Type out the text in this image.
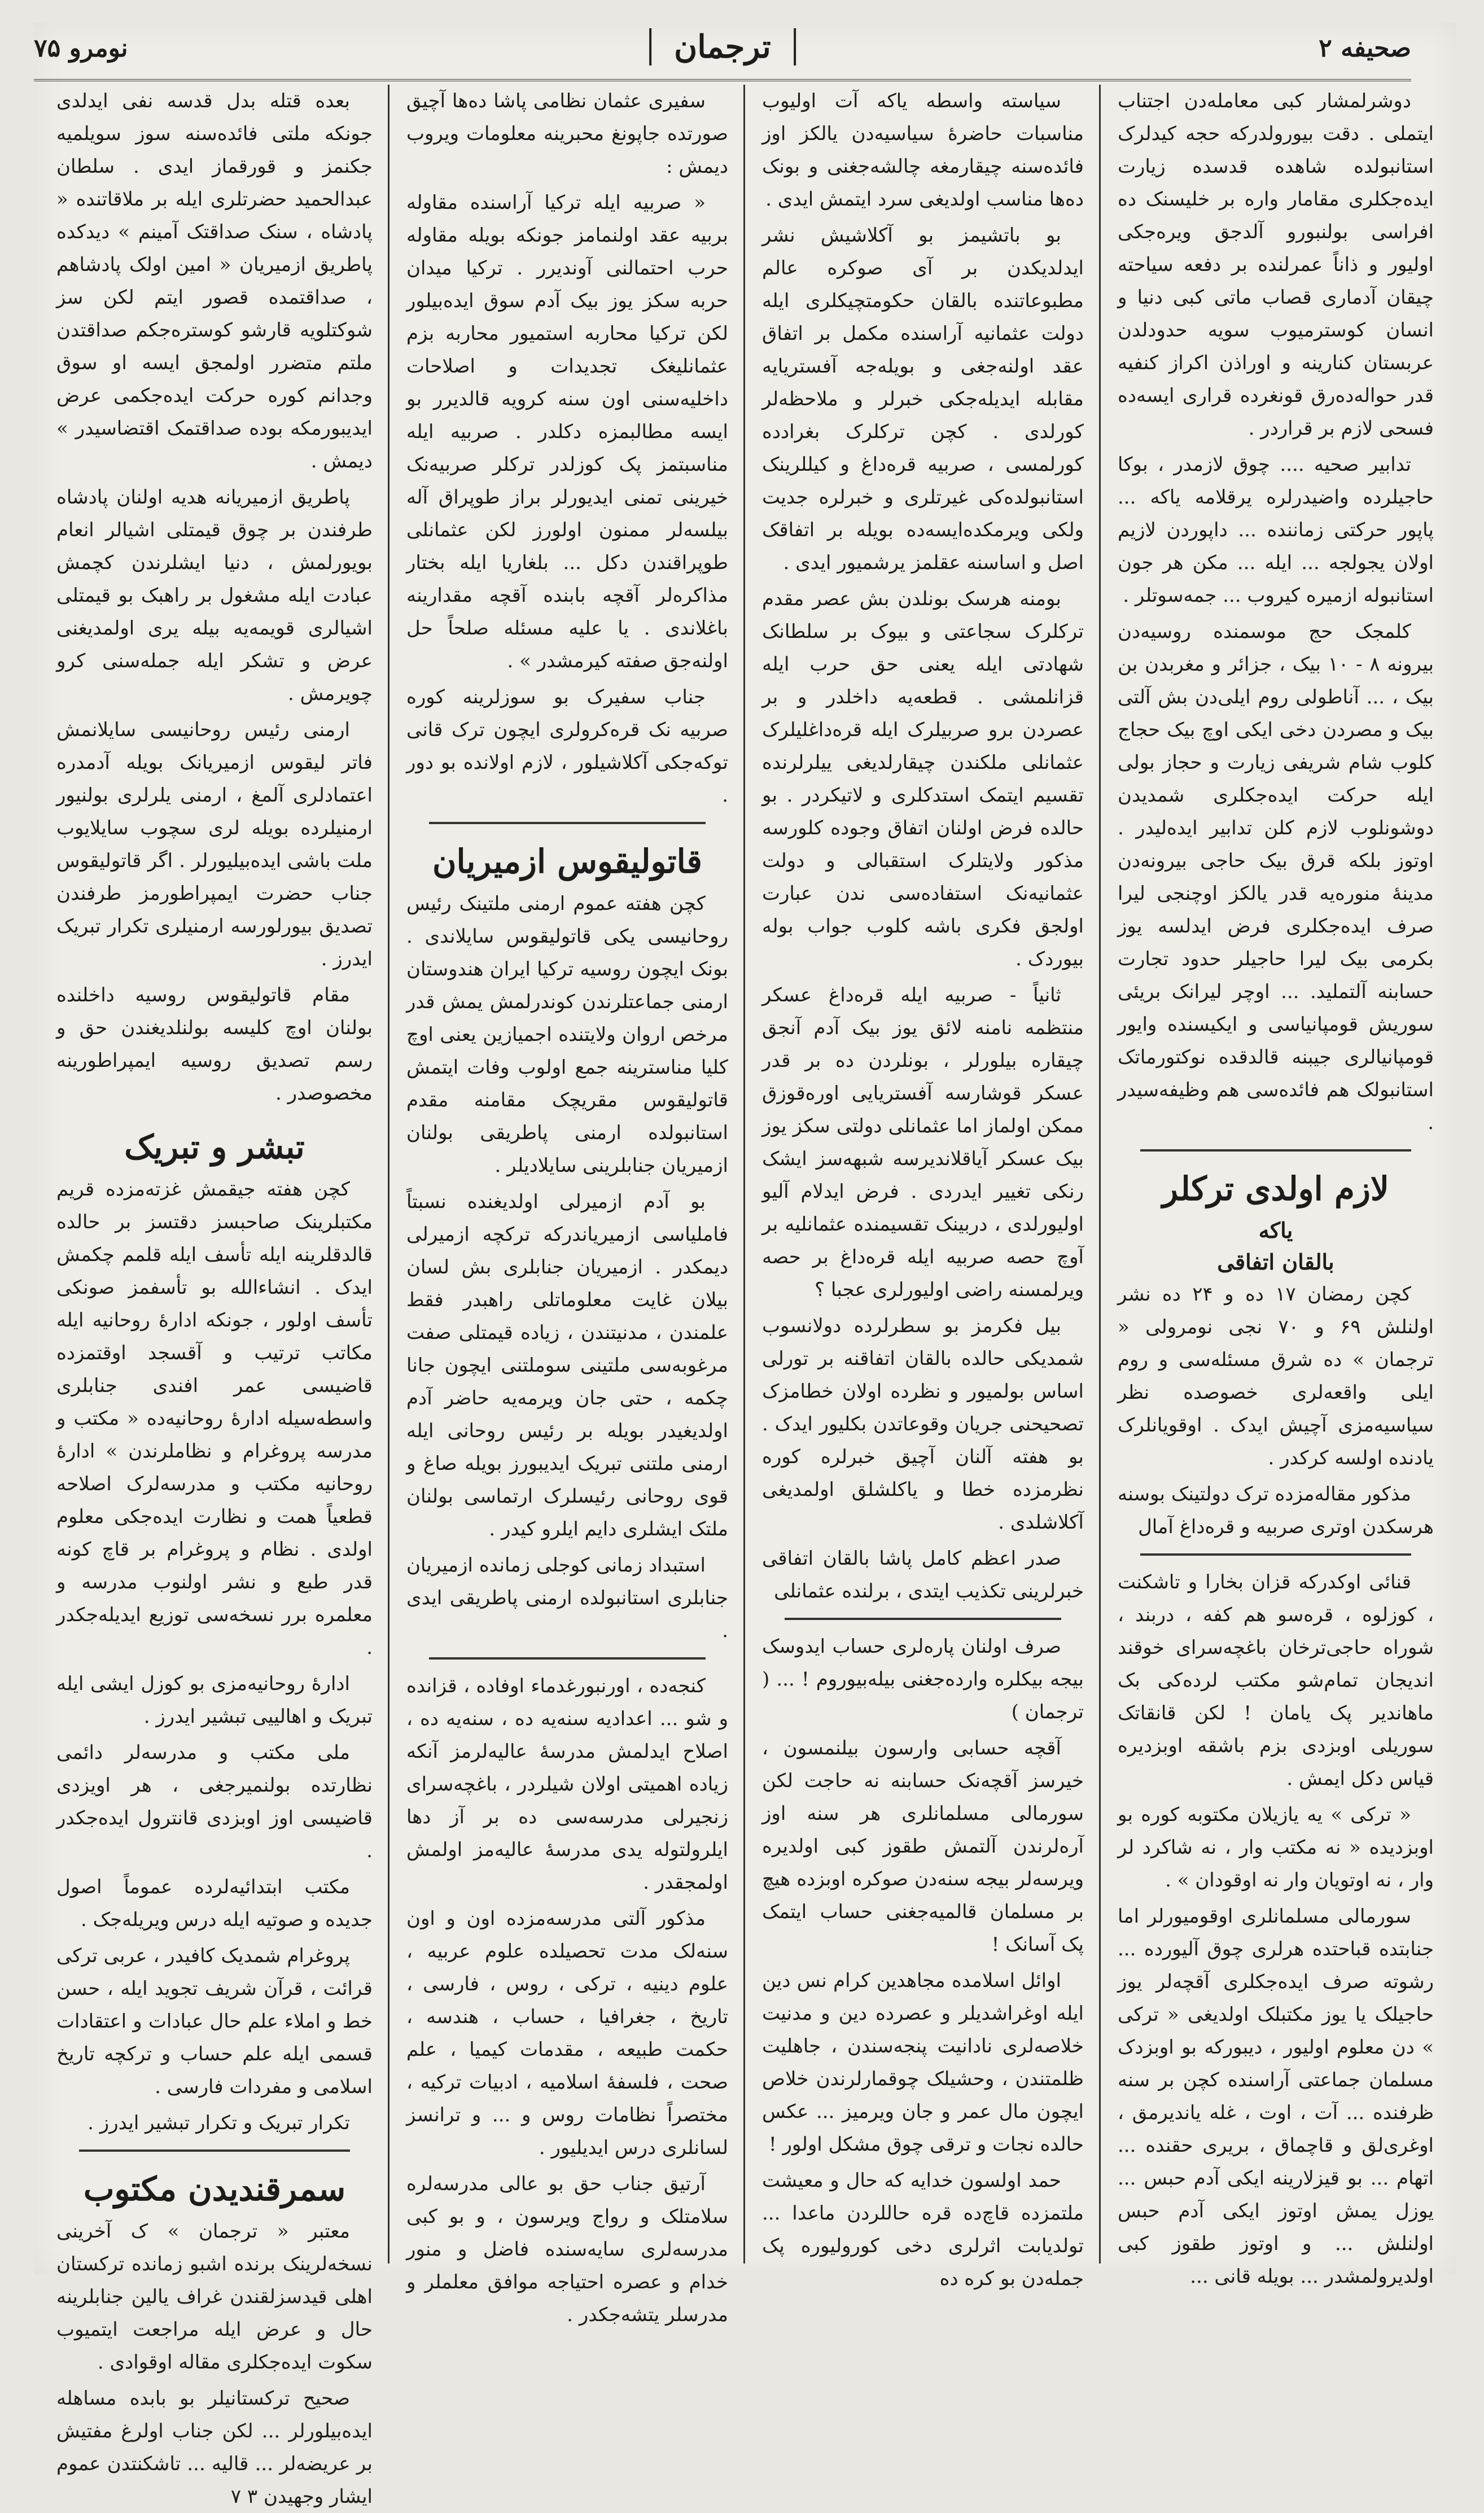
صحیفه ۲
ترجمان
نومرو ۷۵

دوشرلمشار کبی معامله‌دن اجتناب ایتملی . دقت بیورولدرکه حجه کیدلرک استانبولده شاهده قدسده زیارت ایده‌جکلری مقامار واره بر خلیسنک ده افراسی بولنبورو آلدجق ویره‌جکی اولیور و ذاناً عمرلنده بر دفعه سیاحته چیقان آدماری قصاب ماتی کبی دنیا و انسان کوسترمیوب سویه حدودلدن عربستان کنارینه و اوراذن اکراز کنفیه قدر حواله‌ده‌رق قونغرده قراری ایسه‌ده فسحی لازم بر قراردر .

تدابیر صحیه .... چوق لازمدر ، بوکا حاجیلرده واضیدرلره یرقلامه یاکه ... پاپور حرکتی زماننده ... داپوردن لازیم اولان یجولجه ... ایله ... مکن هر جون استانبوله ازمیره کیروب ... جمه‌سوتلر .

کلمجک حج موسمنده روسیه‌دن بیرونه ۸ - ۱۰ بیک ، جزائر و مغربدن بن بیک ، ... آناطولی روم ایلی‌دن بش آلتی بیک و مصردن دخی ایکی اوچ بیک حجاج کلوب شام شریفی زیارت و حجاز بولی ایله حرکت ایده‌جکلری شمدیدن دوشونلوب لازم کلن تدابیر ایده‌لیدر . اوتوز بلکه قرق بیک حاجی بیرونه‌دن مدینهٔ منوره‌یه قدر یالکز اوچنجی لیرا صرف ایده‌جکلری فرض ایدلسه یوز بکرمی بیک لیرا حاجیلر حدود تجارت حسابنه آلتملید. ... اوچر لیرانک بریئی سوریش قومپانیاسی و ایکیسنده وایور قومپانیالری جیبنه قالدقده نوکتورماتک استانبولک هم فائده‌سی هم وظیفه‌سیدر .

لازم اولدی ترکلر
یاکه
بالقان اتفاقی

کچن رمضان ۱۷ ده و ۲۴ ده نشر اولنلش ۶۹ و ۷۰ نجی نومرولی « ترجمان » ده شرق مسئله‌سی و روم ایلی واقعه‌لری خصوصده نظر سیاسیه‌مزی آچیش ایدک . اوقویانلرک یادنده اولسه کرکدر .

مذکور مقاله‌مزده ترک دولتینک بوسنه هرسکدن اوتری صربیه و قره‌داغ آمال

قنائی اوکدرکه قزان بخارا و تاشکنت ، کوزلوه ، قره‌سو هم کفه ، دربند ، شوراه حاجی‌ترخان باغچه‌سرای خوقند اندیجان تمام‌شو مکتب لرده‌کی بک ماهاندیر پک یامان ! لکن قانقاتک سوریلی اوبزدی بزم باشقه اوبزدیره قیاس دکل ایمش .

« ترکی » یه یازیلان مکتوبه کوره بو اوبزدیده « نه مکتب وار ، نه شاکرد لر وار ، نه اوتویان وار نه اوقودان » .

سورمالی مسلمانلری اوقومیورلر اما جنابتده قباحتده هرلری چوق آلیورده ... رشوته صرف ایده‌جکلری آقچه‌لر یوز حاجیلک یا یوز مکتبلک اولدیغی « ترکی » دن معلوم اولیور ، دیبورکه بو اوبزدک مسلمان جماعتی آراسنده کچن بر سنه ظرفنده ... آت ، اوت ، غله یاندیرمق ، اوغری‌لق و قاچماق ، بریری حقنده ... اتهام ... بو قیزلارینه ایکی آدم حبس ... یوزل یمش اوتوز ایکی آدم حبس اولنلش ... و اوتوز طقوز کبی اولدیرولمشدر ... بویله قانی ...

سیاسته واسطه یاکه آت اولیوب مناسبات حاضرهٔ سیاسیه‌دن یالکز اوز فائده‌سنه چیقارمغه چالشه‌جغنی و بونک ده‌ها مناسب اولدیغی سرد ایتمش ایدی .

بو باتشیمز بو آکلاشیش نشر ایدلدیکدن بر آی صوکره عالم مطبوعاتنده بالقان حکومتچیکلری ایله دولت عثمانیه آراسنده مکمل بر اتفاق عقد اولنه‌جغی و بویله‌جه آفستریایه مقابله ایدیله‌جکی خبرلر و ملاحظه‌لر کورلدی . کچن ترکلرک بغرادده کورلمسی ، صربیه قره‌داغ و کیللرینک استانبولده‌کی غیرتلری و خبرلره جدیت ولکی ویرمکده‌ایسه‌ده بویله بر اتفاقک اصل و اساسنه عقلمز یرشمیور ایدی .

بومنه هرسک بونلدن بش عصر مقدم ترکلرک سجاعتی و بیوک بر سلطانک شهادتی ایله یعنی حق حرب ایله قزانلمشی . قطعه‌یه داخلدر و بر عصردن برو صربیلرک ایله قره‌داغلیلرک عثمانلی ملکندن چیقارلدیغی ییلرلرنده تقسیم ایتمک استدکلری و لاتیکردر . بو حالده فرض اولنان اتفاق وجوده کلورسه مذکور ولایتلرک استقبالی و دولت عثمانیه‌نک استفاده‌سی ندن عبارت اولجق فکری باشه کلوب جواب بوله بیوردک .

ثانیاً - صربیه ایله قره‌داغ عسکر منتظمه نامنه لائق یوز بیک آدم آنجق چیقاره بیلورلر ، بونلردن ده بر قدر عسکر قوشارسه آفستریایی اوره‌قوزق ممکن اولماز اما عثمانلی دولتی سکز یوز بیک عسکر آیاقلاندیرسه شبهه‌سز ایشک رنکی تغییر ایدردی . فرض ایدلام آلیو اولیورلدی ، دربینک تقسیمنده عثمانلیه بر آوچ حصه صربیه ایله قره‌داغ بر حصه ویرلمسنه راضی اولیورلری عجبا ؟

بیل فکرمز بو سطرلرده دولانسوب شمدیکی حالده بالقان اتفاقنه بر تورلی اساس بولمیور و نظرده اولان خطامزک تصحیحنی جریان وقوعاتدن بکلیور ایدک . بو هفته آلنان آچیق خبرلره کوره نظرمزده خطا و یاکلشلق اولمدیغی آکلاشلدی .

صدر اعظم کامل پاشا بالقان اتفاقی خبرلرینی تکذیب ایتدی ، برلنده عثمانلی

صرف اولنان پاره‌لری حساب ایدوسک بیجه بیکلره وارده‌جغنی بیله‌بیوروم ! ... ( ترجمان )

آقچه حسابی وارسون بیلنمسون ، خیرسز آقچه‌نک حسابنه نه حاجت لکن سورمالی مسلمانلری هر سنه اوز آره‌لرندن آلتمش طقوز کبی اولدیره ویرسه‌لر بیجه سنه‌دن صوکره اوبزده هیچ بر مسلمان قالمیه‌جغنی حساب ایتمک پک آسانک !

اوائل اسلامده مجاهدین کرام نس دین ایله اوغراشدیلر و عصرده دین و مدنیت خلاصه‌لری نادانیت پنجه‌سندن ، جاهلیت ظلمتندن ، وحشیلک چوقمارلرندن خلاص ایچون مال عمر و جان ویرمیز ... عکس حالده نجات و ترقی چوق مشکل اولور !

حمد اولسون خدایه که حال و معیشت ملتمزده قاچ‌ده قره حاللردن ماعدا ... تولدیابت اثرلری دخی کورولیوره پک جمله‌دن بو کره ده

سفیری عثمان نظامی پاشا ده‌ها آچیق صورتده جاپونغ محبرینه معلومات ویروب دیمش :

« صربیه ایله ترکیا آراسنده مقاوله بربیه عقد اولنمامز جونکه بویله مقاوله حرب احتمالنی آوندیرر . ترکیا میدان حربه سکز یوز بیک آدم سوق ایده‌بیلور لکن ترکیا محاربه استمیور محاربه بزم عثمانلیغک تجدیدات و اصلاحات داخلیه‌سنی اون سنه کرویه قالدیرر بو ایسه مطالبمزه دکلدر . صربیه ایله مناسبتمز پک کوزلدر ترکلر صربیه‌نک خیرینی تمنی ایدیورلر براز طوپراق آله بیلسه‌لر ممنون اولورز لکن عثمانلی طوپراقندن دکل ... بلغاریا ایله بختار مذاکره‌لر آقچه بابنده آقچه مقدارینه باغلاندی . یا علیه مسئله صلحاً حل اولنه‌جق صفته کیرمشدر » .

جناب سفیرک بو سوزلرینه کوره صربیه نک قره‌کرولری ایچون ترک قانی توکه‌جکی آکلاشیلور ، لازم اولانده بو دور .

قاتولیقوس ازمیریان

کچن هفته عموم ارمنی ملتینک رئیس روحانیسی یکی قاتولیقوس سایلاندی . بونک ایچون روسیه ترکیا ایران هندوستان ارمنی جماعتلرندن کوندرلمش یمش قدر مرخص اروان ولایتنده اجمیازین یعنی اوچ کلیا مناسترینه جمع اولوب وفات ایتمش قاتولیقوس مقریچک مقامنه مقدم استانبولده ارمنی پاطریقی بولنان ازمیریان جنابلرینی سایلادیلر .

بو آدم ازمیرلی اولدیغنده نسبتاً فاملیاسی ازمیریاندرکه ترکچه ازمیرلی دیمکدر . ازمیریان جنابلری بش لسان بیلان غایت معلوماتلی راهبدر فقط علمندن ، مدنیتندن ، زیاده قیمتلی صفت مرغوبه‌سی ملتینی سوملتنی ایچون جانا چکمه ، حتی جان ویرمه‌یه حاضر آدم اولدیغیدر بویله بر رئیس روحانی ایله ارمنی ملتنی تبریک ایدیبورز بویله صاغ و قوی روحانی رئیسلرک ارتماسی بولنان ملتک ایشلری دایم ایلرو کیدر .

استبداد زمانی کوجلی زمانده ازمیریان جنابلری استانبولده ارمنی پاطریقی ایدی .

کنجه‌ده ، اورنبورغدماء اوفاده ، قزانده و شو ... اعدادیه سنه‌یه ده ، سنه‌یه ده ، اصلاح ایدلمش مدرسهٔ عالیه‌لرمز آنکه زیاده اهمیتی اولان شیلردر ، باغچه‌سرای زنجیرلی مدرسه‌سی ده بر آز دها ایلرولتوله یدی مدرسهٔ عالیه‌مز اولمش اولمجقدر .

مذکور آلتی مدرسه‌مزده اون و اون سنه‌لک مدت تحصیلده علوم عربیه ، علوم دینیه ، ترکی ، روس ، فارسی ، تاریخ ، جغرافیا ، حساب ، هندسه ، حکمت طبیعه ، مقدمات کیمیا ، علم صحت ، فلسفهٔ اسلامیه ، ادبیات ترکیه ، مختصراً نظامات روس و ... و ترانسز لسانلری درس ایدیلیور .

آرتیق جناب حق بو عالی مدرسه‌لره سلامتلک و رواج ویرسون ، و بو کبی مدرسه‌لری سایه‌سنده فاضل و منور خدام و عصره احتیاجه موافق معلملر و مدرسلر یتشه‌جکدر .

بعده قتله بدل قدسه نفی ایدلدی جونکه ملتی فائده‌سنه سوز سویلمیه جکنمز و قورقماز ایدی . سلطان عبدالحمید حضرتلری ایله بر ملاقاتنده « پادشاه ، سنک صداقتک آمینم » دیدکده پاطریق ازمیریان « امین اولک پادشاهم ، صداقتمده قصور ایتم لکن سز شوکتلویه قارشو کوستره‌جکم صداقتدن ملتم متضرر اولمجق ایسه او سوق وجدانم کوره حرکت ایده‌جکمی عرض ایدیبورمکه بوده صداقتمک اقتضاسیدر » دیمش .

پاطریق ازمیریانه هدیه اولنان پادشاه طرفندن بر چوق قیمتلی اشیالر انعام بویورلمش ، دنیا ایشلرندن کچمش عبادت ایله مشغول بر راهبک بو قیمتلی اشیالری قویمه‌یه بیله یری اولمدیغنی عرض و تشکر ایله جمله‌سنی کرو چویرمش .

ارمنی رئیس روحانیسی سایلانمش فاتر لیقوس ازمیریانک بویله آدمدره اعتمادلری آلمغ ، ارمنی یلرلری بولنیور ارمنیلرده بویله لری سچوب سایلایوب ملت باشی ایده‌بیلیورلر . اگر قاتولیقوس جناب حضرت ایمپراطورمز طرفندن تصدیق بیورلورسه ارمنیلری تکرار تبریک ایدرز .

مقام قاتولیقوس روسیه داخلنده بولنان اوچ کلیسه بولنلدیغندن حق و رسم تصدیق روسیه ایمپراطورینه مخصوصدر .

تبشر و تبریک

کچن هفته جیقمش غزته‌مزده قریم مکتبلرینک صاحبسز دقتسز بر حالده قالدقلرینه ایله تأسف ایله قلمم چکمش ایدک . انشاءالله بو تأسفمز صونکی تأسف اولور ، جونکه اداره‌ٔ روحانیه ایله مکاتب ترتیب و آقسجد اوقتمزده قاضیسی عمر افندی جنابلری واسطه‌سیله ادارهٔ روحانیه‌ده « مکتب و مدرسه پروغرام و نظاملرندن » ادارهٔ روحانیه مکتب و مدرسه‌لرک اصلاحه قطعیاً همت و نظارت ایده‌جکی معلوم اولدی . نظام و پروغرام بر قاچ کونه قدر طبع و نشر اولنوب مدرسه و معلمره برر نسخه‌سی توزیع ایدیله‌جکدر .

اداره‌ٔ روحانیه‌مزی بو کوزل ایشی ایله تبریک و اهالییی تبشیر ایدرز .

ملی مکتب و مدرسه‌لر دائمی نظارتده بولنمیرجغی ، هر اویزدی قاضیسی اوز اوبزدی قانترول ایده‌جکدر .

مکتب ابتدائیه‌لرده عموماً اصول جدیده و صوتیه ایله درس ویریله‌جک .

پروغرام شمدیک کافیدر ، عربی ترکی قرائت ، قرآن شریف تجوید ایله ، حسن خط و املاء علم حال عبادات و اعتقادات قسمی ایله علم حساب و ترکچه تاریخ اسلامی و مفردات فارسی .

تکرار تبریک و تکرار تبشیر ایدرز .

سمرقندیدن مکتوب

معتبر « ترجمان » ک آخرینی نسخه‌لرینک برنده اشبو زمانده ترکستان اهلی قیدسزلقندن غراف یالین جنابلرینه حال و عرض ایله مراجعت ایتمیوب سکوت ایده‌جکلری مقاله اوقوادی .

صحیح ترکستانیلر بو بابده مساهله ایده‌بیلورلر ... لکن جناب اولرغ مفتیش بر عریضه‌لر ... قالیه ... تاشکنتدن عموم ایشار وجهیدن ۳ ۷
